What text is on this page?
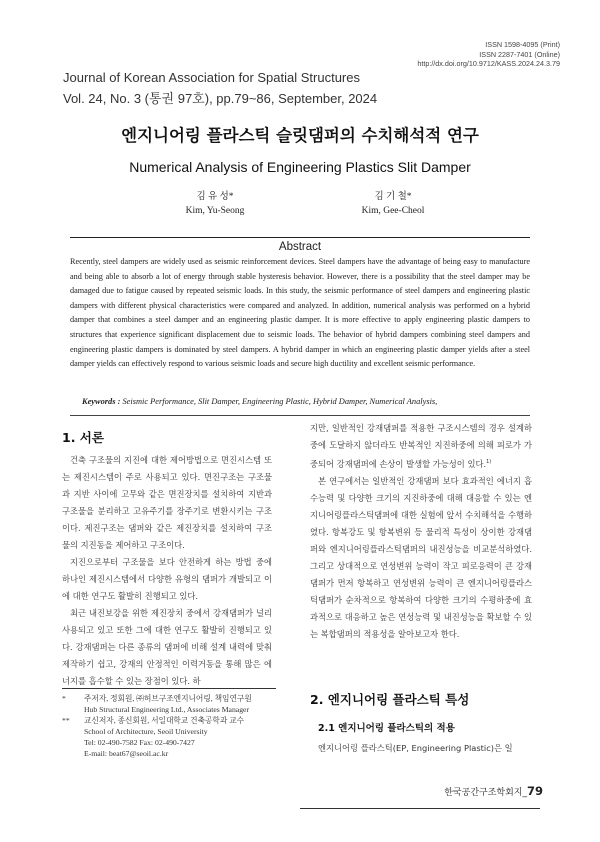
ISSN 1598-4095 (Print)
ISSN 2287-7401 (Online)
http://dx.doi.org/10.9712/KASS.2024.24.3.79
Journal of Korean Association for Spatial Structures
Vol. 24, No. 3 (통권 97호), pp.79~86, September, 2024
엔지니어링 플라스틱 슬릿댐퍼의 수치해석적 연구
Numerical Analysis of Engineering Plastics Slit Damper
김 유 성*
Kim, Yu-Seong
김 기 철*
Kim, Gee-Cheol
Abstract
Recently, steel dampers are widely used as seismic reinforcement devices. Steel dampers have the advantage of being easy to manufacture and being able to absorb a lot of energy through stable hysteresis behavior. However, there is a possibility that the steel damper may be damaged due to fatigue caused by repeated seismic loads. In this study, the seismic performance of steel dampers and engineering plastic dampers with different physical characteristics were compared and analyzed. In addition, numerical analysis was performed on a hybrid damper that combines a steel damper and an engineering plastic damper. It is more effective to apply engineering plastic dampers to structures that experience significant displacement due to seismic loads. The behavior of hybrid dampers combining steel dampers and engineering plastic dampers is dominated by steel dampers. A hybrid damper in which an engineering plastic damper yields after a steel damper yields can effectively respond to various seismic loads and secure high ductility and excellent seismic performance.
Keywords : Seismic Performance, Slit Damper, Engineering Plastic, Hybrid Damper, Numerical Analysis,
1. 서론

건축 구조물의 지진에 대한 제어방법으로 면진시스템 또는 제진시스템이 주로 사용되고 있다. 면진구조는 구조물과 지반 사이에 고무와 같은 면진장치를 설치하여 지반과 구조물을 분리하고 고유주기를 장주기로 변환시키는 구조이다. 제진구조는 댐퍼와 같은 제진장치를 설치하여 구조물의 지진동을 제어하고 구조이다.

지진으로부터 구조물을 보다 안전하게 하는 방법 중에 하나인 제진시스템에서 다양한 유형의 댐퍼가 개발되고 이에 대한 연구도 활발히 진행되고 있다.

최근 내진보강을 위한 제진장치 중에서 강재댐퍼가 널리 사용되고 있고 또한 그에 대한 연구도 활발히 진행되고 있다. 강재댐퍼는 다른 종류의 댐퍼에 비해 설계 내력에 맞춰 제작하기 쉽고, 강재의 안정적인 이력거동을 통해 많은 에너지를 흡수할 수 있는 장점이 있다. 하

*	주저자, 정회원, ㈜허브구조엔지니어링, 책임연구원
Hub Structural Engineering Ltd., Associates Manager
**	교신저자, 종신회원, 서일대학교 건축공학과 교수
School of Architecture, Seoil University
Tel: 02-490-7582 Fax: 02-490-7427
E-mail: beat67@seoil.ac.kr

지만, 일반적인 강재댐퍼를 적용한 구조시스템의 경우 설계하중에 도달하지 않더라도 반복적인 지진하중에 의해 피로가 가중되어 강재댐퍼에 손상이 발생할 가능성이 있다.$^{1)}$

본 연구에서는 일반적인 강재댐퍼 보다 효과적인 에너지 흡수능력 및 다양한 크기의 지진하중에 대해 대응할 수 있는 엔지니어링플라스틱댐퍼에 대한 실험에 앞서 수치해석을 수행하였다. 항복강도 및 항복변위 등 물리적 특성이 상이한 강재댐퍼와 엔지니어링플라스틱댐퍼의 내진성능을 비교분석하였다. 그리고 상대적으로 연성변위 능력이 작고 피로응력이 큰 강재댐퍼가 먼저 항복하고 연성변위 능력이 큰 엔지니어링플라스틱댐퍼가 순차적으로 항복하여 다양한 크기의 수평하중에 효과적으로 대응하고 높은 연성능력 및 내진성능을 확보할 수 있는 복합댐퍼의 적용성을 알아보고자 한다.

2. 엔지니어링 플라스틱 특성
2.1 엔지니어링 플라스틱의 적용

엔지니어링 플라스틱(EP, Engineering Plastic)은 일

한국공간구조학회지_79
